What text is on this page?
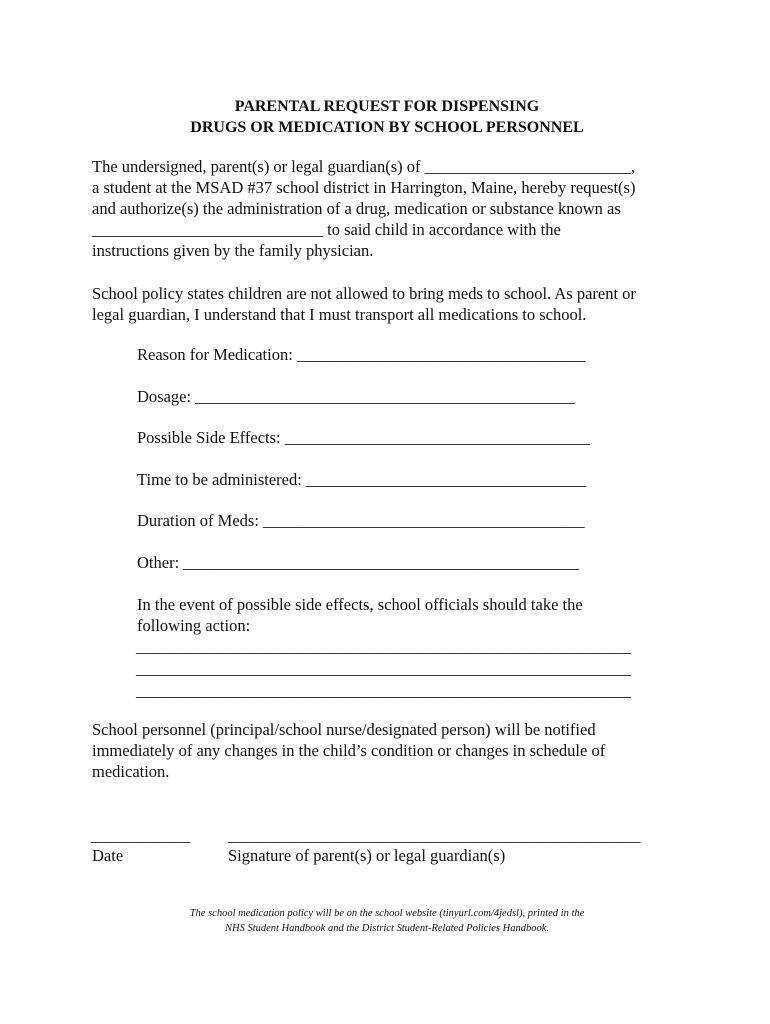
PARENTAL REQUEST FOR DISPENSING
DRUGS OR MEDICATION BY SCHOOL PERSONNEL
The undersigned, parent(s) or legal guardian(s) of _________________________,
a student at the MSAD #37 school district in Harrington, Maine, hereby request(s)
and authorize(s) the administration of a drug, medication or substance known as
____________________________ to said child in accordance with the
instructions given by the family physician.
School policy states children are not allowed to bring meds to school. As parent or
legal guardian, I understand that I must transport all medications to school.
Reason for Medication: ___________________________________
Dosage: ______________________________________________
Possible Side Effects: _____________________________________
Time to be administered: __________________________________
Duration of Meds: _______________________________________
Other: ________________________________________________
In the event of possible side effects, school officials should take the
following action:
____________________________________________________________
____________________________________________________________
____________________________________________________________
School personnel (principal/school nurse/designated person) will be notified
immediately of any changes in the child’s condition or changes in schedule of
medication.
____________ __________________________________________________
Date	Signature of parent(s) or legal guardian(s)
The school medication policy will be on the school website (tinyurl.com/4jedsl), printed in the
NHS Student Handbook and the District Student-Related Policies Handbook.
